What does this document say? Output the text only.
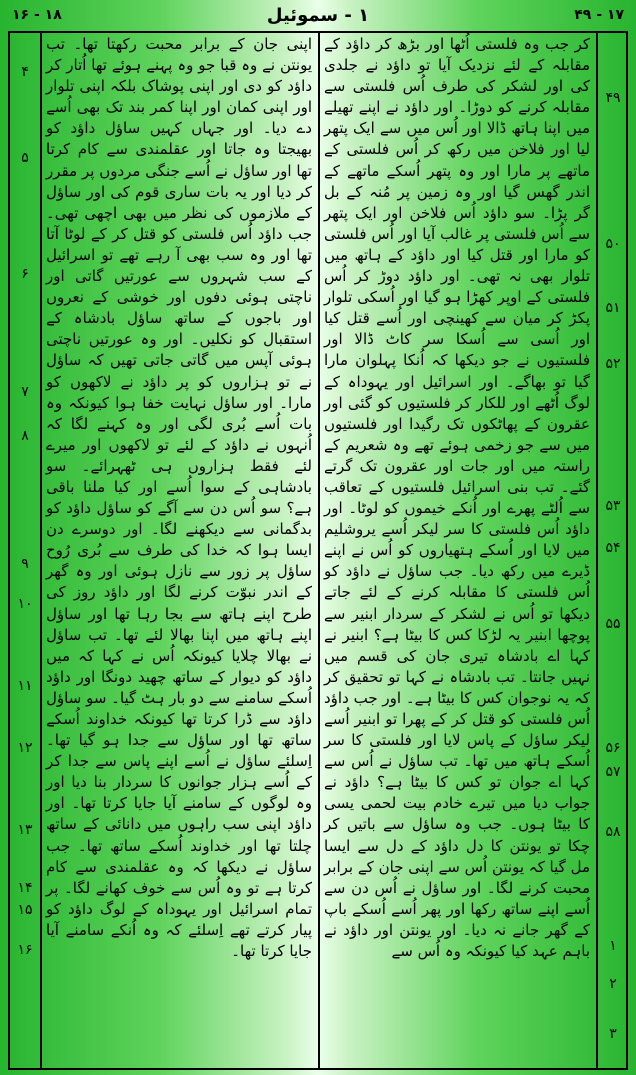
۱۷ - ۴۹
۱ - سموئیل
۱۸ - ۱۶
۴
۵
۶
۷
۸
۹
۱۰
۱۱
۱۲
۱۳
۱۴
۱۵
۱۶

اپنی جان کے برابر محبت رکھتا تھا۔ تب یونتن نے وہ قبا جو وہ پہنے ہوئے تھا اُتار کر داؤد کو دی اور اپنی پوشاک بلکہ اپنی تلوار اور اپنی کمان اور اپنا کمر بند تک بھی اُسے دے دیا۔ اور جہاں کہیں ساؤل داؤد کو بھیجتا وہ جاتا اور عقلمندی سے کام کرتا تھا اور ساؤل نے اُسے جنگی مردوں پر مقرر کر دیا اور یہ بات ساری قوم کی اور ساؤل کے ملازموں کی نظر میں بھی اچھی تھی۔ جب داؤد اُس فلستی کو قتل کر کے لوٹا آتا تھا اور وہ سب بھی آ رہے تھے تو اسرائیل کے سب شہروں سے عورتیں گاتی اور ناچتی ہوئی دفوں اور خوشی کے نعروں اور باجوں کے ساتھ ساؤل بادشاہ کے استقبال کو نکلیں۔ اور وہ عورتیں ناچتی ہوئی آپس میں گاتی جاتی تھیں کہ ساؤل نے تو ہزاروں کو پر داؤد نے لاکھوں کو مارا۔ اور ساؤل نہایت خفا ہوا کیونکہ وہ بات اُسے بُری لگی اور وہ کہنے لگا کہ اُنہوں نے داؤد کے لئے تو لاکھوں اور میرے لئے فقط ہزاروں ہی ٹھہرائے۔ سو بادشاہی کے سوا اُسے اور کیا ملنا باقی ہے؟ سو اُس دن سے آگے کو ساؤل داؤد کو بدگمانی سے دیکھنے لگا۔ اور دوسرے دن ایسا ہوا کہ خدا کی طرف سے بُری رُوح ساؤل پر زور سے نازل ہوئی اور وہ گھر کے اندر نبوّت کرنے لگا اور داؤد روز کی طرح اپنے ہاتھ سے بجا رہا تھا اور ساؤل اپنے ہاتھ میں اپنا بھالا لئے تھا۔ تب ساؤل نے بھالا چلایا کیونکہ اُس نے کہا کہ میں داؤد کو دیوار کے ساتھ چھید دونگا اور داؤد اُسکے سامنے سے دو بار ہٹ گیا۔ سو ساؤل داؤد سے ڈرا کرتا تھا کیونکہ خداوند اُسکے ساتھ تھا اور ساؤل سے جدا ہو گیا تھا۔ اِسلئے ساؤل نے اُسے اپنے پاس سے جدا کر کے اُسے ہزار جوانوں کا سردار بنا دیا اور وہ لوگوں کے سامنے آیا جایا کرتا تھا۔ اور داؤد اپنی سب راہوں میں دانائی کے ساتھ چلتا تھا اور خداوند اُسکے ساتھ تھا۔ جب ساؤل نے دیکھا کہ وہ عقلمندی سے کام کرتا ہے تو وہ اُس سے خوف کھانے لگا۔ پر تمام اسرائیل اور یہوداہ کے لوگ داؤد کو پیار کرتے تھے اِسلئے کہ وہ اُنکے سامنے آیا جایا کرتا تھا۔

کر جب وہ فلستی اُٹھا اور بڑھ کر داؤد کے مقابلہ کے لئے نزدیک آیا تو داؤد نے جلدی کی اور لشکر کی طرف اُس فلستی سے مقابلہ کرنے کو دوڑا۔ اور داؤد نے اپنے تھیلے میں اپنا ہاتھ ڈالا اور اُس میں سے ایک پتھر لیا اور فلاخن میں رکھ کر اُس فلستی کے ماتھے پر مارا اور وہ پتھر اُسکے ماتھے کے اندر گھس گیا اور وہ زمین پر مُنہ کے بل گر پڑا۔ سو داؤد اُس فلاخن اور ایک پتھر سے اُس فلستی پر غالب آیا اور اُس فلستی کو مارا اور قتل کیا اور داؤد کے ہاتھ میں تلوار بھی نہ تھی۔ اور داؤد دوڑ کر اُس فلستی کے اوپر کھڑا ہو گیا اور اُسکی تلوار پکڑ کر میان سے کھینچی اور اُسے قتل کیا اور اُسی سے اُسکا سر کاٹ ڈالا اور فلستیوں نے جو دیکھا کہ اُنکا پہلوان مارا گیا تو بھاگے۔ اور اسرائیل اور یہوداہ کے لوگ اُٹھے اور للکار کر فلستیوں کو گئی اور عقرون کے پھاٹکوں تک رگیدا اور فلستیوں میں سے جو زخمی ہوئے تھے وہ شعریم کے راستہ میں اور جات اور عقرون تک گرتے گئے۔ تب بنی اسرائیل فلستیوں کے تعاقب سے اُلٹے پھرے اور اُنکے خیموں کو لوٹا۔ اور داؤد اُس فلستی کا سر لیکر اُسے یروشلیم میں لایا اور اُسکے ہتھیاروں کو اُس نے اپنے ڈیرے میں رکھ دیا۔ جب ساؤل نے داؤد کو اُس فلستی کا مقابلہ کرنے کے لئے جاتے دیکھا تو اُس نے لشکر کے سردار ابنیر سے پوچھا ابنیر یہ لڑکا کس کا بیٹا ہے؟ ابنیر نے کہا اے بادشاہ تیری جان کی قسم میں نہیں جانتا۔ تب بادشاہ نے کہا تو تحقیق کر کہ یہ نوجوان کس کا بیٹا ہے۔ اور جب داؤد اُس فلستی کو قتل کر کے پھرا تو ابنیر اُسے لیکر ساؤل کے پاس لایا اور فلستی کا سر اُسکے ہاتھ میں تھا۔ تب ساؤل نے اُس سے کہا اے جوان تو کس کا بیٹا ہے؟ داؤد نے جواب دیا میں تیرے خادم بیت لحمی یسی کا بیٹا ہوں۔ جب وہ ساؤل سے باتیں کر چکا تو یونتن کا دل داؤد کے دل سے ایسا مل گیا کہ یونتن اُس سے اپنی جان کے برابر محبت کرنے لگا۔ اور ساؤل نے اُس دن سے اُسے اپنے ساتھ رکھا اور پھر اُسے اُسکے باپ کے گھر جانے نہ دیا۔ اور یونتن اور داؤد نے باہم عہد کیا کیونکہ وہ اُس سے

۴۹
۵۰
۵۱
۵۲
۵۳
۵۴
۵۵
۵۶
۵۷
۵۸
۱
۲
۳
